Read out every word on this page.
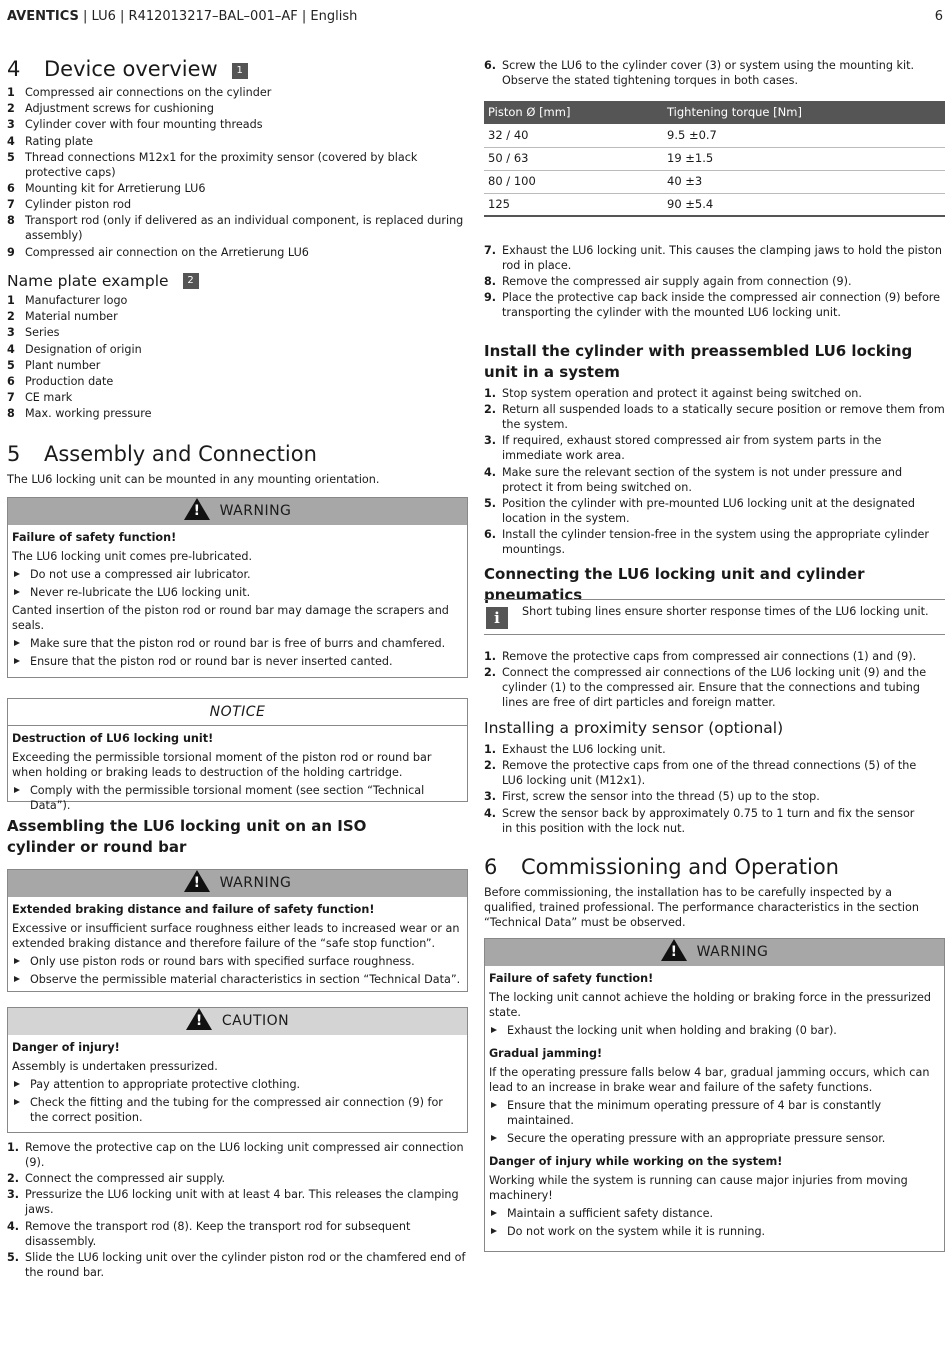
AVENTICS | LU6 | R412013217–BAL–001–AF | English	6
4 Device overview 1
1 Compressed air connections on the cylinder
2 Adjustment screws for cushioning
3 Cylinder cover with four mounting threads
4 Rating plate
5 Thread connections M12x1 for the proximity sensor (covered by black protective caps)
6 Mounting kit for Arretierung LU6
7 Cylinder piston rod
8 Transport rod (only if delivered as an individual component, is replaced during assembly)
9 Compressed air connection on the Arretierung LU6
Name plate example 2
1 Manufacturer logo
2 Material number
3 Series
4 Designation of origin
5 Plant number
6 Production date
7 CE mark
8 Max. working pressure
5 Assembly and Connection
The LU6 locking unit can be mounted in any mounting orientation.
!WARNING
Failure of safety function!
The LU6 locking unit comes pre-lubricated.
Do not use a compressed air lubricator.
Never re-lubricate the LU6 locking unit.
Canted insertion of the piston rod or round bar may damage the scrapers and seals.
Make sure that the piston rod or round bar is free of burrs and chamfered.
Ensure that the piston rod or round bar is never inserted canted.
NOTICE
Destruction of LU6 locking unit!
Exceeding the permissible torsional moment of the piston rod or round bar when holding or braking leads to destruction of the holding cartridge.
Comply with the permissible torsional moment (see section “Technical Data”).
Assembling the LU6 locking unit on an ISO cylinder or round bar
!WARNING
Extended braking distance and failure of safety function!
Excessive or insufficient surface roughness either leads to increased wear or an extended braking distance and therefore failure of the “safe stop function”.
Only use piston rods or round bars with specified surface roughness.
Observe the permissible material characteristics in section “Technical Data”.
!CAUTION
Danger of injury!
Assembly is undertaken pressurized.
Pay attention to appropriate protective clothing.
Check the fitting and the tubing for the compressed air connection (9) for the correct position.
1. Remove the protective cap on the LU6 locking unit compressed air connection (9).
2. Connect the compressed air supply.
3. Pressurize the LU6 locking unit with at least 4 bar. This releases the clamping jaws.
4. Remove the transport rod (8). Keep the transport rod for subsequent disassembly.
5. Slide the LU6 locking unit over the cylinder piston rod or the chamfered end of the round bar.
6. Screw the LU6 to the cylinder cover (3) or system using the mounting kit. Observe the stated tightening torques in both cases.
Piston Ø [mm]	Tightening torque [Nm]
32 / 40	9.5 ±0.7
50 / 63	19 ±1.5
80 / 100	40 ±3
125	90 ±5.4
7. Exhaust the LU6 locking unit. This causes the clamping jaws to hold the piston rod in place.
8. Remove the compressed air supply again from connection (9).
9. Place the protective cap back inside the compressed air connection (9) before transporting the cylinder with the mounted LU6 locking unit.
Install the cylinder with preassembled LU6 locking unit in a system
1. Stop system operation and protect it against being switched on.
2. Return all suspended loads to a statically secure position or remove them from the system.
3. If required, exhaust stored compressed air from system parts in the immediate work area.
4. Make sure the relevant section of the system is not under pressure and protect it from being switched on.
5. Position the cylinder with pre-mounted LU6 locking unit at the designated location in the system.
6. Install the cylinder tension-free in the system using the appropriate cylinder mountings.
Connecting the LU6 locking unit and cylinder pneumatics
i	Short tubing lines ensure shorter response times of the LU6 locking unit.
1. Remove the protective caps from compressed air connections (1) and (9).
2. Connect the compressed air connections of the LU6 locking unit (9) and the cylinder (1) to the compressed air. Ensure that the connections and tubing lines are free of dirt particles and foreign matter.
Installing a proximity sensor (optional)
1. Exhaust the LU6 locking unit.
2. Remove the protective caps from one of the thread connections (5) of the LU6 locking unit (M12x1).
3. First, screw the sensor into the thread (5) up to the stop.
4. Screw the sensor back by approximately 0.75 to 1 turn and fix the sensor in this position with the lock nut.
6 Commissioning and Operation
Before commissioning, the installation has to be carefully inspected by a qualified, trained professional. The performance characteristics in the section “Technical Data” must be observed.
!WARNING
Failure of safety function!
The locking unit cannot achieve the holding or braking force in the pressurized state.
Exhaust the locking unit when holding and braking (0 bar).
Gradual jamming!
If the operating pressure falls below 4 bar, gradual jamming occurs, which can lead to an increase in brake wear and failure of the safety functions.
Ensure that the minimum operating pressure of 4 bar is constantly maintained.
Secure the operating pressure with an appropriate pressure sensor.
Danger of injury while working on the system!
Working while the system is running can cause major injuries from moving machinery!
Maintain a sufficient safety distance.
Do not work on the system while it is running.
